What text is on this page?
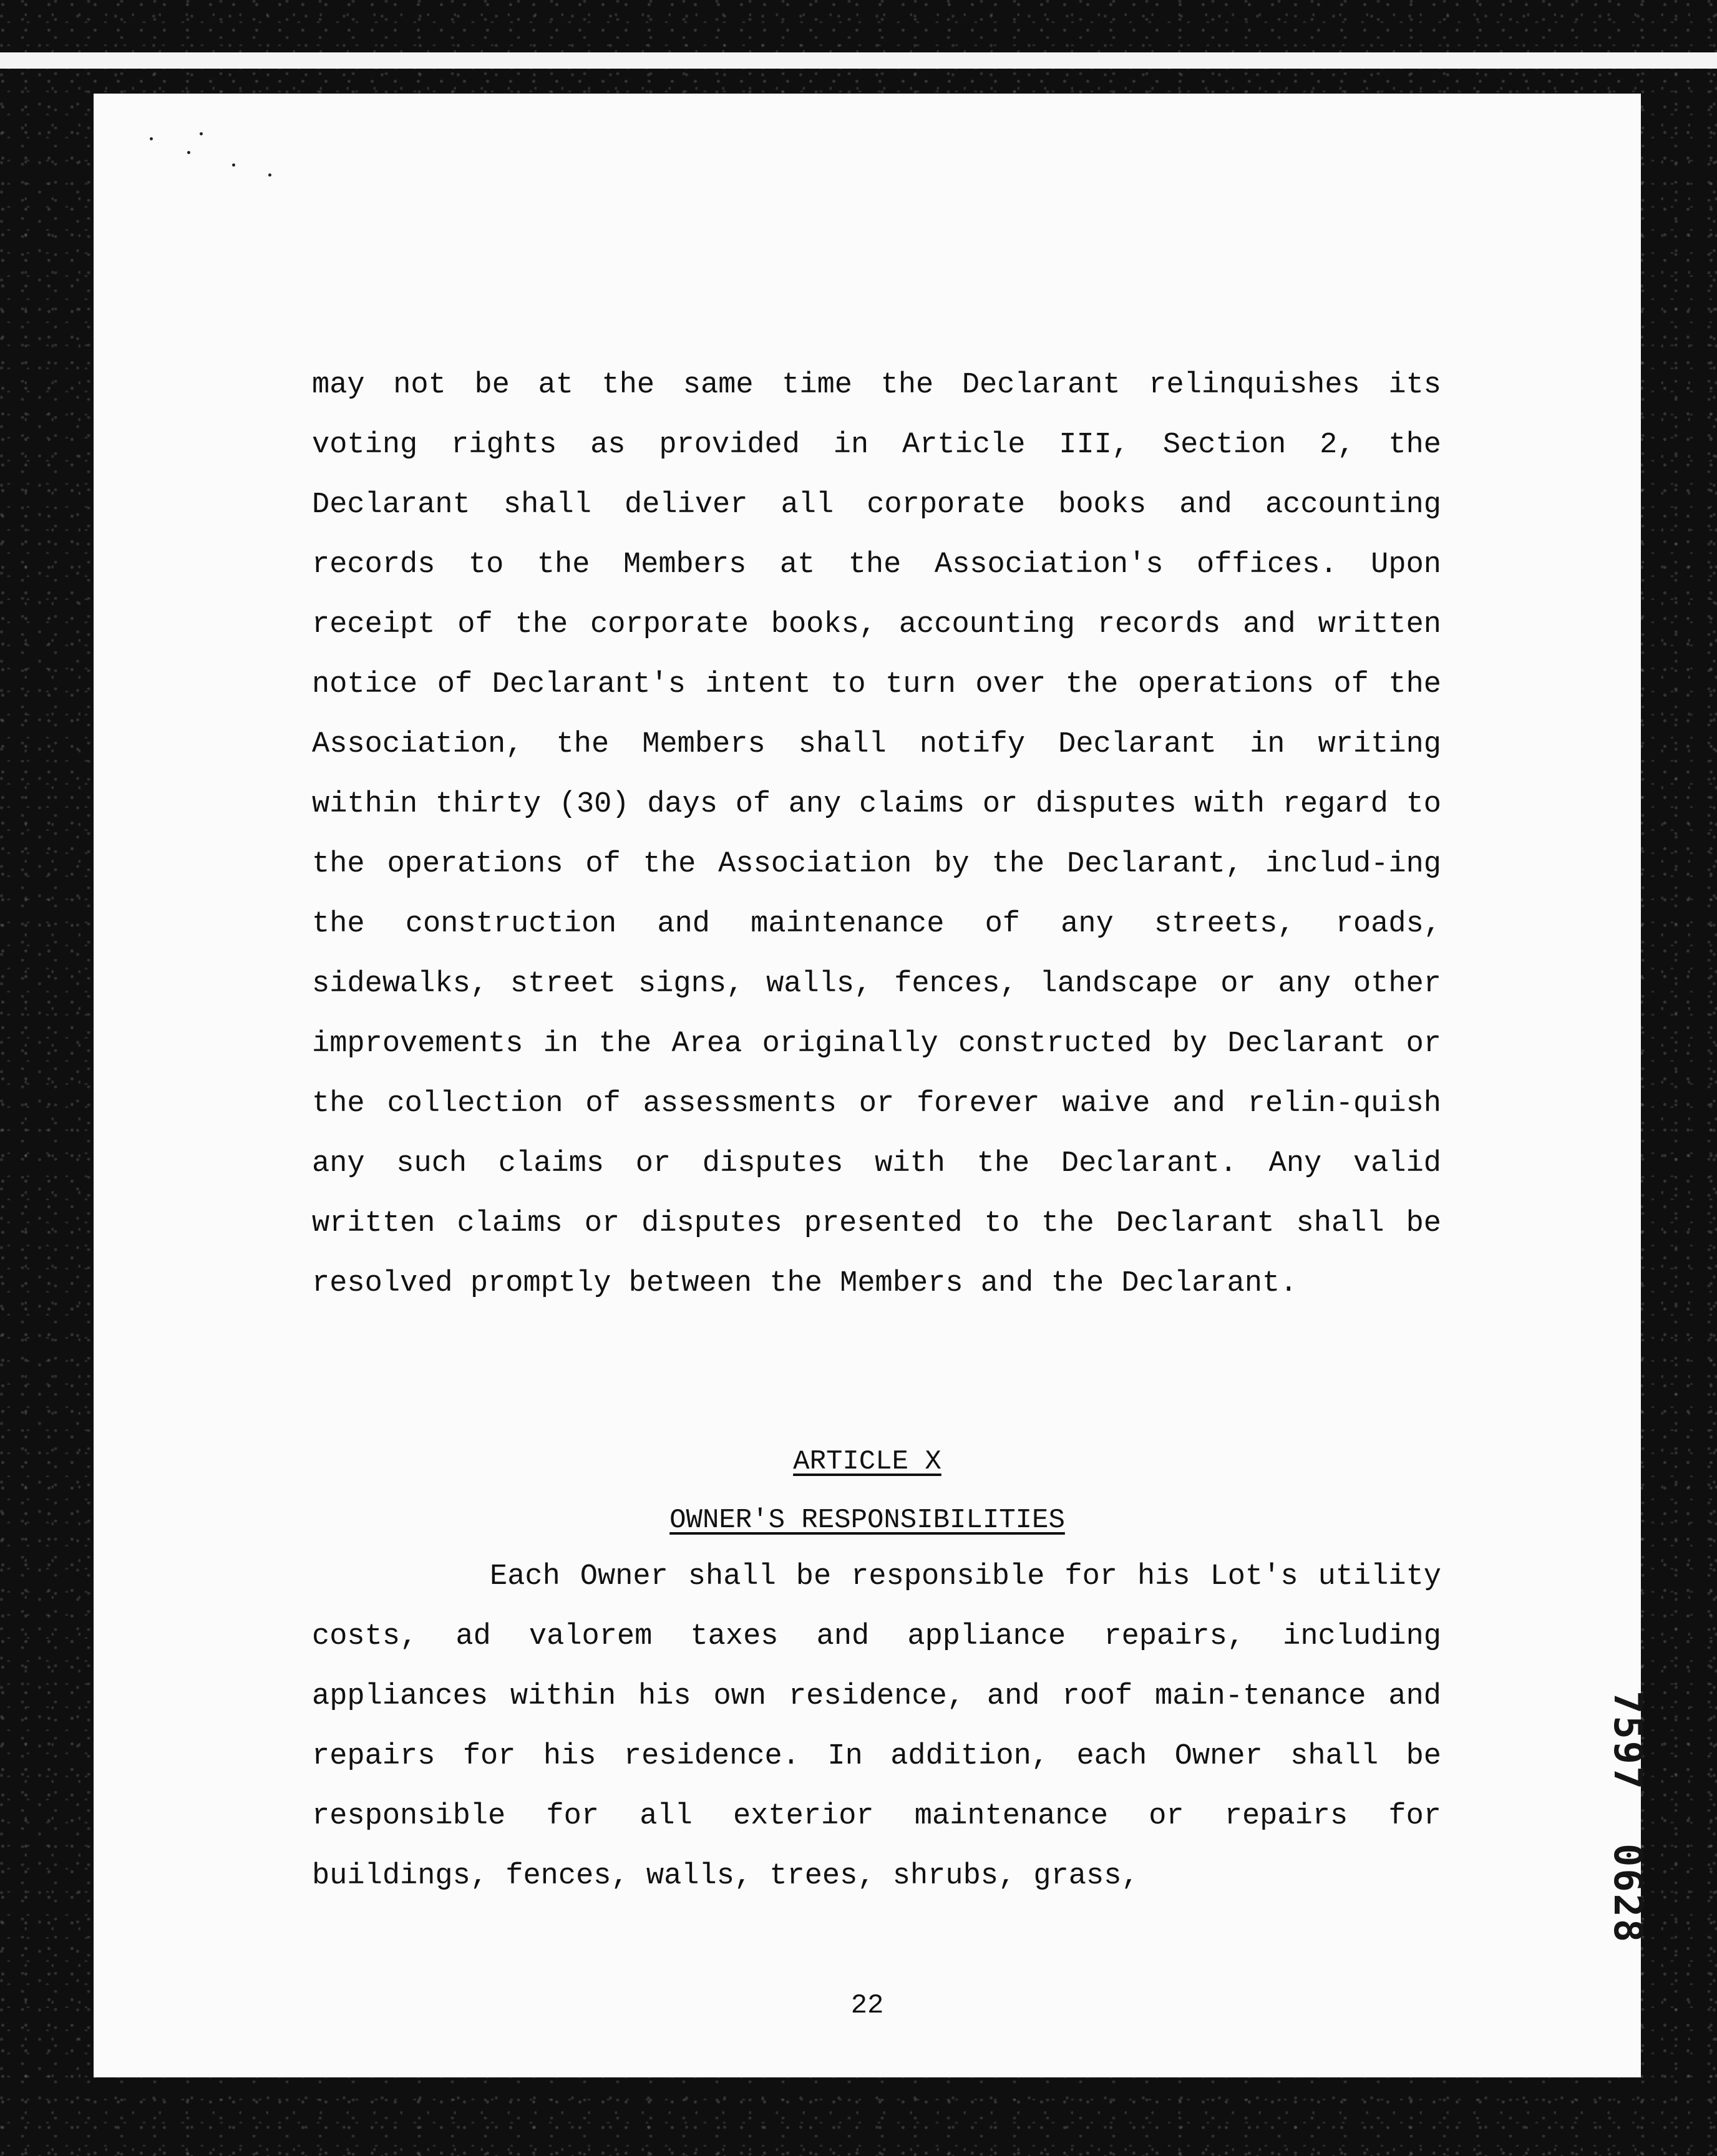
may not be at the same time the Declarant relinquishes its voting rights as provided in Article III, Section 2, the Declarant shall deliver all corporate books and accounting records to the Members at the Association's offices. Upon receipt of the corporate books, accounting records and written notice of Declarant's intent to turn over the operations of the Association, the Members shall notify Declarant in writing within thirty (30) days of any claims or disputes with regard to the operations of the Association by the Declarant, includ-ing the construction and maintenance of any streets, roads, sidewalks, street signs, walls, fences, landscape or any other improvements in the Area originally constructed by Declarant or the collection of assessments or forever waive and relin-quish any such claims or disputes with the Declarant. Any valid written claims or disputes presented to the Declarant shall be resolved promptly between the Members and the Declarant.
ARTICLE X
OWNER'S RESPONSIBILITIES
Each Owner shall be responsible for his Lot's utility costs, ad valorem taxes and appliance repairs, including appliances within his own residence, and roof main-tenance and repairs for his residence. In addition, each Owner shall be responsible for all exterior maintenance or repairs for buildings, fences, walls, trees, shrubs, grass,
22
7597
0628
